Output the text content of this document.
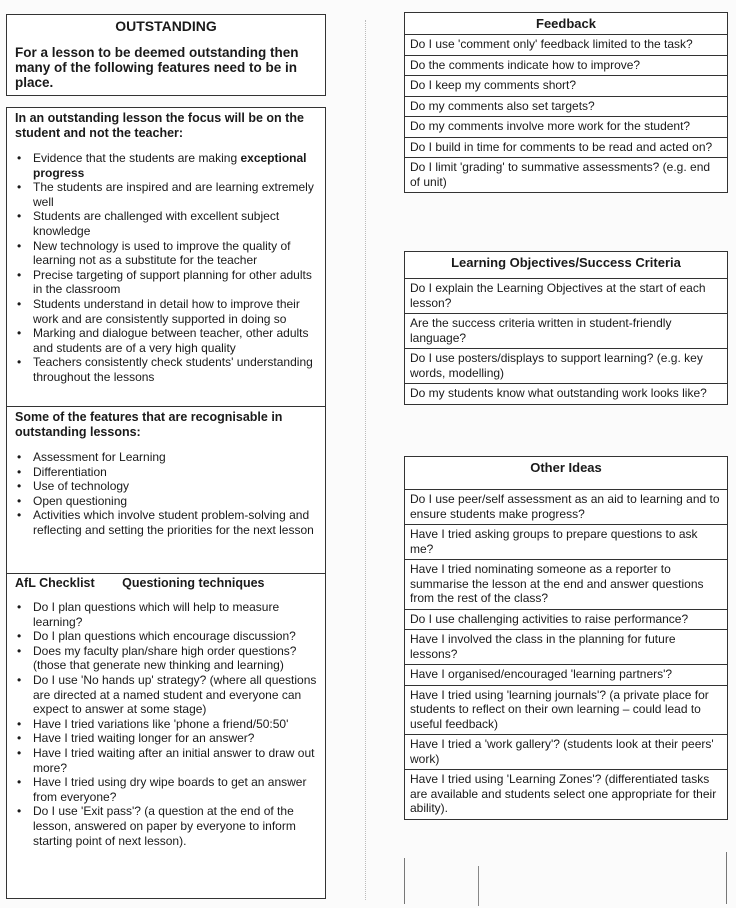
OUTSTANDING
For a lesson to be deemed outstanding then many of the following features need to be in place.
In an outstanding lesson the focus will be on the student and not the teacher:
• Evidence that the students are making exceptional progress
• The students are inspired and are learning extremely well
• Students are challenged with excellent subject knowledge
• New technology is used to improve the quality of learning not as a substitute for the teacher
• Precise targeting of support planning for other adults in the classroom
• Students understand in detail how to improve their work and are consistently supported in doing so
• Marking and dialogue between teacher, other adults and students are of a very high quality
• Teachers consistently check students' understanding throughout the lessons
Some of the features that are recognisable in outstanding lessons:
• Assessment for Learning
• Differentiation
• Use of technology
• Open questioning
• Activities which involve student problem-solving and reflecting and setting the priorities for the next lesson
AfL Checklist Questioning techniques
• Do I plan questions which will help to measure learning?
• Do I plan questions which encourage discussion?
• Does my faculty plan/share high order questions? (those that generate new thinking and learning)
• Do I use 'No hands up' strategy? (where all questions are directed at a named student and everyone can expect to answer at some stage)
• Have I tried variations like 'phone a friend/50:50'
• Have I tried waiting longer for an answer?
• Have I tried waiting after an initial answer to draw out more?
• Have I tried using dry wipe boards to get an answer from everyone?
• Do I use 'Exit pass'? (a question at the end of the lesson, answered on paper by everyone to inform starting point of next lesson).
Feedback
Do I use 'comment only' feedback limited to the task?
Do the comments indicate how to improve?
Do I keep my comments short?
Do my comments also set targets?
Do my comments involve more work for the student?
Do I build in time for comments to be read and acted on?
Do I limit 'grading' to summative assessments? (e.g. end of unit)
Learning Objectives/Success Criteria
Do I explain the Learning Objectives at the start of each lesson?
Are the success criteria written in student-friendly language?
Do I use posters/displays to support learning? (e.g. key words, modelling)
Do my students know what outstanding work looks like?
Other Ideas
Do I use peer/self assessment as an aid to learning and to ensure students make progress?
Have I tried asking groups to prepare questions to ask me?
Have I tried nominating someone as a reporter to summarise the lesson at the end and answer questions from the rest of the class?
Do I use challenging activities to raise performance?
Have I involved the class in the planning for future lessons?
Have I organised/encouraged 'learning partners'?
Have I tried using 'learning journals'? (a private place for students to reflect on their own learning – could lead to useful feedback)
Have I tried a 'work gallery'? (students look at their peers' work)
Have I tried using 'Learning Zones'? (differentiated tasks are available and students select one appropriate for their ability).
